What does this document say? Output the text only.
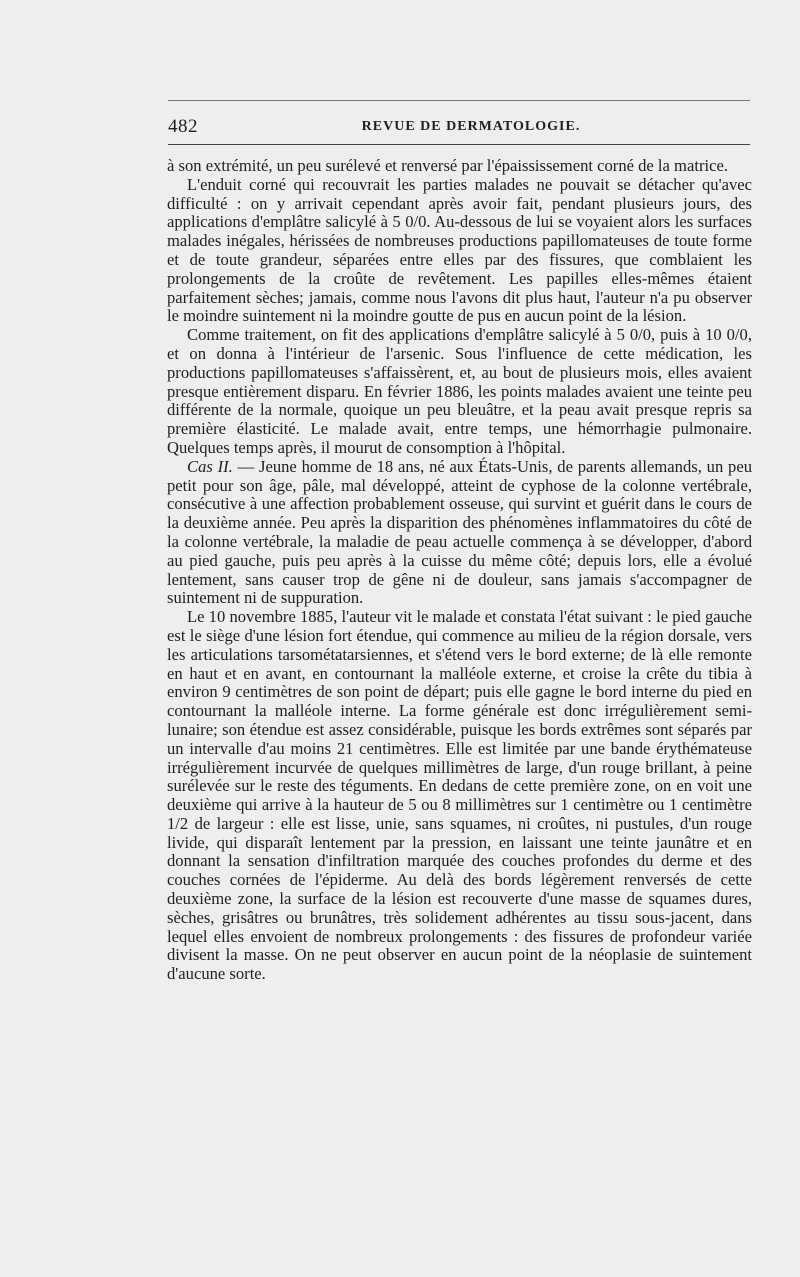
482	REVUE DE DERMATOLOGIE.

à son extrémité, un peu surélevé et renversé par l'épaississement corné de la matrice.

L'enduit corné qui recouvrait les parties malades ne pouvait se détacher qu'avec difficulté : on y arrivait cependant après avoir fait, pendant plusieurs jours, des applications d'emplâtre salicylé à 5 0/0. Au-dessous de lui se voyaient alors les surfaces malades inégales, hérissées de nombreuses productions papillomateuses de toute forme et de toute grandeur, séparées entre elles par des fissures, que comblaient les prolongements de la croûte de revêtement. Les papilles elles-mêmes étaient parfaitement sèches; jamais, comme nous l'avons dit plus haut, l'auteur n'a pu observer le moindre suintement ni la moindre goutte de pus en aucun point de la lésion.

Comme traitement, on fit des applications d'emplâtre salicylé à 5 0/0, puis à 10 0/0, et on donna à l'intérieur de l'arsenic. Sous l'influence de cette médication, les productions papillomateuses s'affaissèrent, et, au bout de plusieurs mois, elles avaient presque entièrement disparu. En février 1886, les points malades avaient une teinte peu différente de la normale, quoique un peu bleuâtre, et la peau avait presque repris sa première élasticité. Le malade avait, entre temps, une hémorrhagie pulmonaire. Quelques temps après, il mourut de consomption à l'hôpital.

Cas II. — Jeune homme de 18 ans, né aux États-Unis, de parents allemands, un peu petit pour son âge, pâle, mal développé, atteint de cyphose de la colonne vertébrale, consécutive à une affection probablement osseuse, qui survint et guérit dans le cours de la deuxième année. Peu après la disparition des phénomènes inflammatoires du côté de la colonne vertébrale, la maladie de peau actuelle commença à se développer, d'abord au pied gauche, puis peu après à la cuisse du même côté; depuis lors, elle a évolué lentement, sans causer trop de gêne ni de douleur, sans jamais s'accompagner de suintement ni de suppuration.

Le 10 novembre 1885, l'auteur vit le malade et constata l'état suivant : le pied gauche est le siège d'une lésion fort étendue, qui commence au milieu de la région dorsale, vers les articulations tarsométatarsiennes, et s'étend vers le bord externe; de là elle remonte en haut et en avant, en contournant la malléole externe, et croise la crête du tibia à environ 9 centimètres de son point de départ; puis elle gagne le bord interne du pied en contournant la malléole interne. La forme générale est donc irrégulièrement semi-lunaire; son étendue est assez considérable, puisque les bords extrêmes sont séparés par un intervalle d'au moins 21 centimètres. Elle est limitée par une bande érythémateuse irrégulièrement incurvée de quelques millimètres de large, d'un rouge brillant, à peine surélevée sur le reste des téguments. En dedans de cette première zone, on en voit une deuxième qui arrive à la hauteur de 5 ou 8 millimètres sur 1 centimètre ou 1 centimètre 1/2 de largeur : elle est lisse, unie, sans squames, ni croûtes, ni pustules, d'un rouge livide, qui disparaît lentement par la pression, en laissant une teinte jaunâtre et en donnant la sensation d'infiltration marquée des couches profondes du derme et des couches cornées de l'épiderme. Au delà des bords légèrement renversés de cette deuxième zone, la surface de la lésion est recouverte d'une masse de squames dures, sèches, grisâtres ou brunâtres, très solidement adhérentes au tissu sous-jacent, dans lequel elles envoient de nombreux prolongements : des fissures de profondeur variée divisent la masse. On ne peut observer en aucun point de la néoplasie de suintement d'aucune sorte.
